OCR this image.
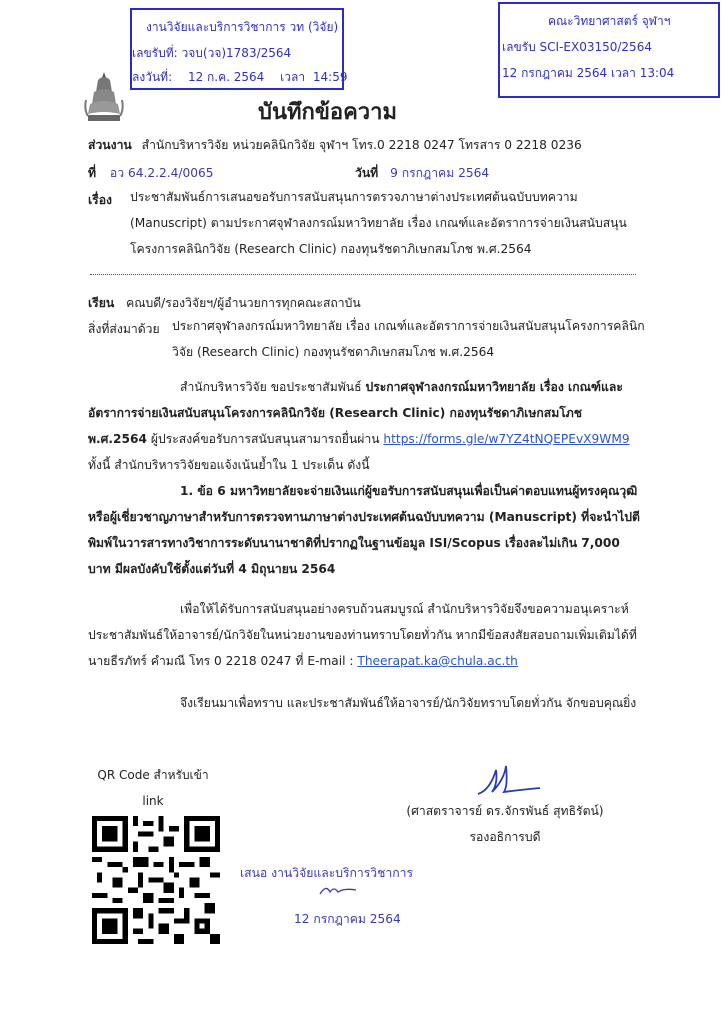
งานวิจัยและบริการวิชาการ วท (วิจัย)
เลขรับที่: วจบ(วจ)1783/2564
ลงวันที่: 12 ก.ค. 2564 เวลา 14:59
คณะวิทยาศาสตร์ จุฬาฯ
เลขรับ SCI-EX03150/2564
12 กรกฎาคม 2564 เวลา 13:04
บันทึกข้อความ
ส่วนงาน สำนักบริหารวิจัย หน่วยคลินิกวิจัย จุฬาฯ โทร.0 2218 0247 โทรสาร 0 2218 0236
ที่ อว 64.2.2.4/0065	วันที่ 9 กรกฎาคม 2564
เรื่อง ประชาสัมพันธ์การเสนอขอรับการสนับสนุนการตรวจภาษาต่างประเทศต้นฉบับบทความ
(Manuscript) ตามประกาศจุฬาลงกรณ์มหาวิทยาลัย เรื่อง เกณฑ์และอัตราการจ่ายเงินสนับสนุน
โครงการคลินิกวิจัย (Research Clinic) กองทุนรัชดาภิเษกสมโภช พ.ศ.2564
เรียน คณบดี/รองวิจัยฯ/ผู้อำนวยการทุกคณะสถาบัน
สิ่งที่ส่งมาด้วย ประกาศจุฬาลงกรณ์มหาวิทยาลัย เรื่อง เกณฑ์และอัตราการจ่ายเงินสนับสนุนโครงการคลินิก
วิจัย (Research Clinic) กองทุนรัชดาภิเษกสมโภช พ.ศ.2564
สำนักบริหารวิจัย ขอประชาสัมพันธ์ ประกาศจุฬาลงกรณ์มหาวิทยาลัย เรื่อง เกณฑ์และอัตราการจ่ายเงินสนับสนุนโครงการคลินิกวิจัย (Research Clinic) กองทุนรัชดาภิเษกสมโภช พ.ศ.2564 ผู้ประสงค์ขอรับการสนับสนุนสามารถยื่นผ่าน https://forms.gle/w7YZ4tNQEPEvX9WM9 ทั้งนี้ สำนักบริหารวิจัยขอแจ้งเน้นย้ำใน 1 ประเด็น ดังนี้
1. ข้อ 6 มหาวิทยาลัยจะจ่ายเงินแก่ผู้ขอรับการสนับสนุนเพื่อเป็นค่าตอบแทนผู้ทรงคุณวุฒิหรือผู้เชี่ยวชาญภาษาสำหรับการตรวจทานภาษาต่างประเทศต้นฉบับบทความ (Manuscript) ที่จะนำไปตีพิมพ์ในวารสารทางวิชาการระดับนานาชาติที่ปรากฏในฐานข้อมูล ISI/Scopus เรื่องละไม่เกิน 7,000 บาท มีผลบังคับใช้ตั้งแต่วันที่ 4 มิถุนายน 2564
เพื่อให้ได้รับการสนับสนุนอย่างครบถ้วนสมบูรณ์ สำนักบริหารวิจัยจึงขอความอนุเคราะห์ประชาสัมพันธ์ให้อาจารย์/นักวิจัยในหน่วยงานของท่านทราบโดยทั่วกัน หากมีข้อสงสัยสอบถามเพิ่มเติมได้ที่ นายธีรภัทร์ คำมณี โทร 0 2218 0247 ที่ E-mail : Theerapat.ka@chula.ac.th
จึงเรียนมาเพื่อทราบ และประชาสัมพันธ์ให้อาจารย์/นักวิจัยทราบโดยทั่วกัน จักขอบคุณยิ่ง
QR Code สำหรับเข้า link
(ศาสตราจารย์ ดร.จักรพันธ์ สุทธิรัตน์)
รองอธิการบดี
เสนอ งานวิจัยและบริการวิชาการ
12 กรกฎาคม 2564
